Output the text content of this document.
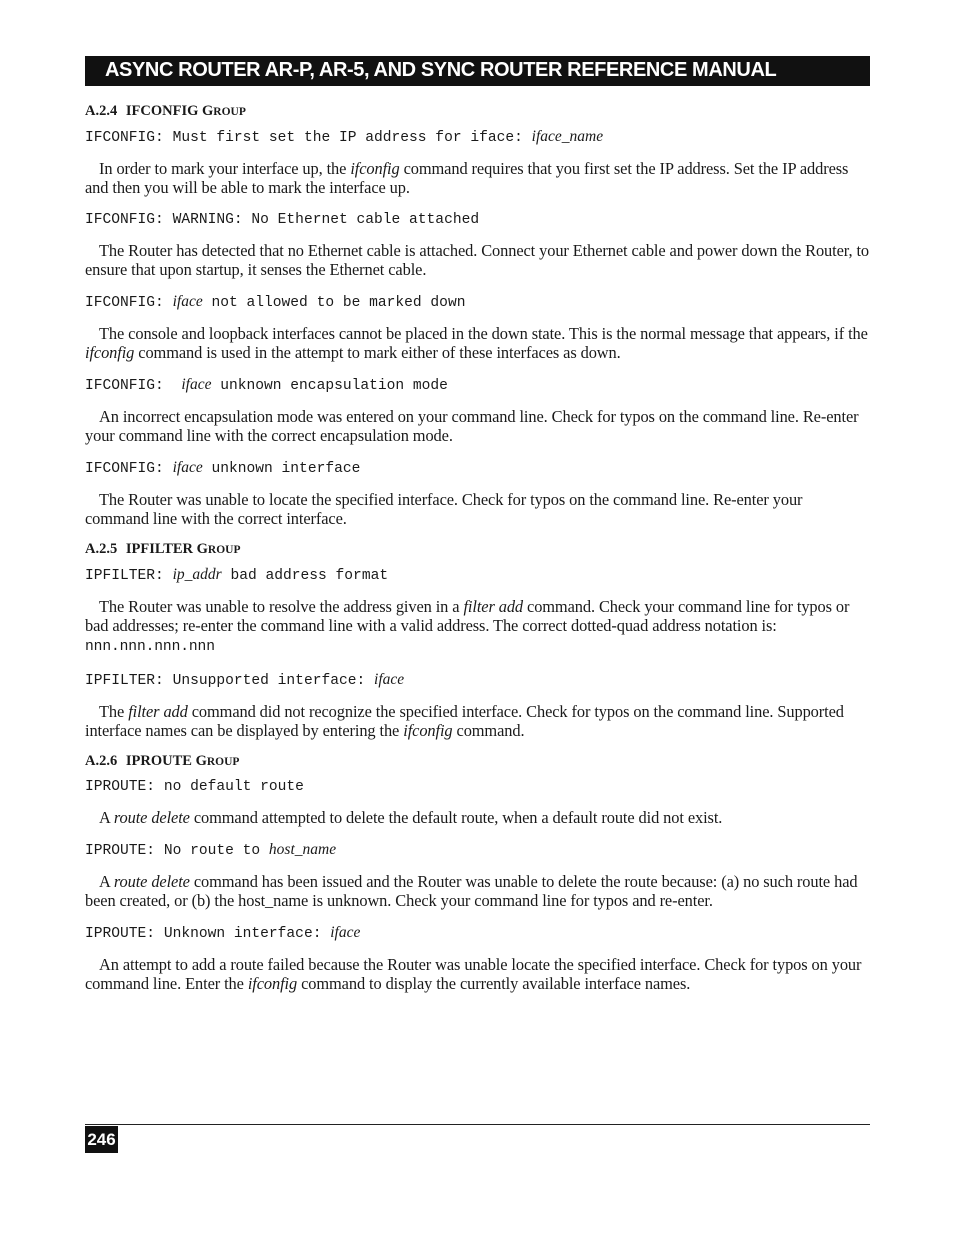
ASYNC ROUTER AR-P, AR-5, AND SYNC ROUTER REFERENCE MANUAL
A.2.4 IFCONFIG GROUP

IFCONFIG: Must first set the IP address for iface: iface_name

In order to mark your interface up, the ifconfig command requires that you first set the IP address. Set the IP address and then you will be able to mark the interface up.

IFCONFIG: WARNING: No Ethernet cable attached

The Router has detected that no Ethernet cable is attached. Connect your Ethernet cable and power down the Router, to ensure that upon startup, it senses the Ethernet cable.

IFCONFIG: iface not allowed to be marked down

The console and loopback interfaces cannot be placed in the down state. This is the normal message that appears, if the ifconfig command is used in the attempt to mark either of these interfaces as down.

IFCONFIG: iface unknown encapsulation mode

An incorrect encapsulation mode was entered on your command line. Check for typos on the command line. Re-enter your command line with the correct encapsulation mode.

IFCONFIG: iface unknown interface

The Router was unable to locate the specified interface. Check for typos on the command line. Re-enter your command line with the correct interface.

A.2.5 IPFILTER GROUP

IPFILTER: ip_addr bad address format

The Router was unable to resolve the address given in a filter add command. Check your command line for typos or bad addresses; re-enter the command line with a valid address. The correct dotted-quad address notation is: nnn.nnn.nnn.nnn

IPFILTER: Unsupported interface: iface

The filter add command did not recognize the specified interface. Check for typos on the command line. Supported interface names can be displayed by entering the ifconfig command.

A.2.6 IPROUTE GROUP

IPROUTE: no default route

A route delete command attempted to delete the default route, when a default route did not exist.

IPROUTE: No route to host_name

A route delete command has been issued and the Router was unable to delete the route because: (a) no such route had been created, or (b) the host_name is unknown. Check your command line for typos and re-enter.

IPROUTE: Unknown interface: iface

An attempt to add a route failed because the Router was unable locate the specified interface. Check for typos on your command line. Enter the ifconfig command to display the currently available interface names.

246
